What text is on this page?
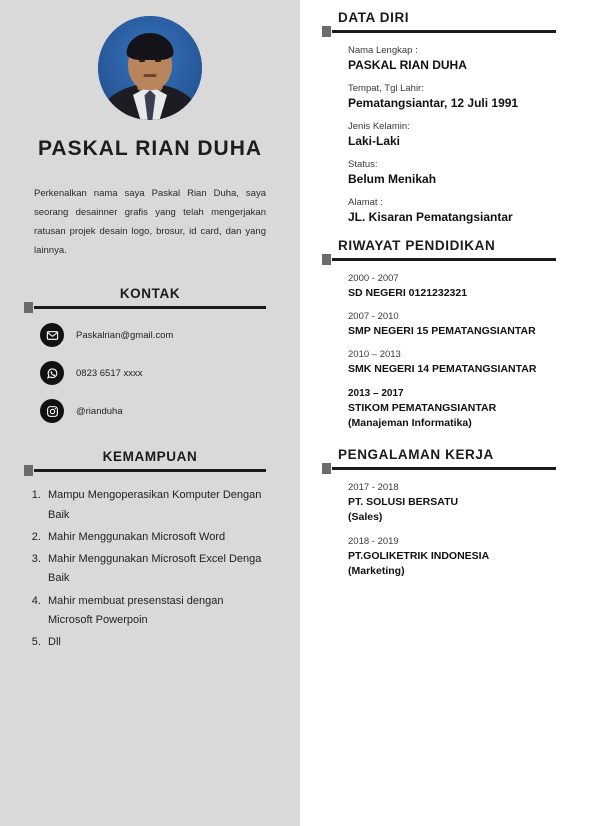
PASKAL RIAN DUHA
Perkenalkan nama saya Paskal Rian Duha, saya seorang desainner grafis yang telah mengerjakan ratusan projek desain logo, brosur, id card, dan yang lainnya.
KONTAK
Paskalrian@gmail.com
0823 6517 xxxx
@rianduha
KEMAMPUAN
1. Mampu Mengoperasikan Komputer Dengan Baik
2. Mahir Menggunakan Microsoft Word
3. Mahir Menggunakan Microsoft Excel Denga Baik
4. Mahir membuat presenstasi dengan Microsoft Powerpoin
5. Dll
DATA DIRI
Nama Lengkap :
PASKAL RIAN DUHA
Tempat, Tgl Lahir:
Pematangsiantar, 12 Juli 1991
Jenis Kelamin:
Laki-Laki
Status:
Belum Menikah
Alamat :
JL. Kisaran Pematangsiantar
RIWAYAT PENDIDIKAN
2000 - 2007
SD NEGERI 0121232321
2007 - 2010
SMP NEGERI 15 PEMATANGSIANTAR
2010 – 2013
SMK NEGERI 14 PEMATANGSIANTAR
2013 – 2017
STIKOM PEMATANGSIANTAR
(Manajeman Informatika)
PENGALAMAN KERJA
2017 - 2018
PT. SOLUSI BERSATU
(Sales)
2018 - 2019
PT.GOLIKETRIK INDONESIA
(Marketing)
